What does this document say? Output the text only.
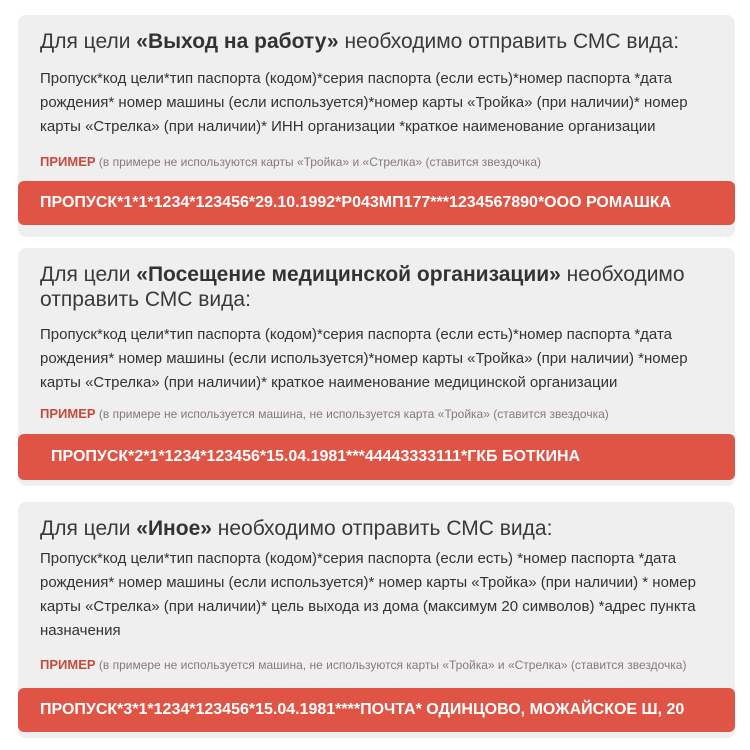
Для цели «Выход на работу» необходимо отправить СМС вида:

Пропуск*код цели*тип паспорта (кодом)*серия паспорта (если есть)*номер паспорта *дата рождения* номер машины (если используется)*номер карты «Тройка» (при наличии)* номер карты «Стрелка» (при наличии)* ИНН организации *краткое наименование организации

ПРИМЕР (в примере не используются карты «Тройка» и «Стрелка» (ставится звездочка)
ПРОПУСК*1*1*1234*123456*29.10.1992*Р043МП177***1234567890*ООО РОМАШКА
Для цели «Посещение медицинской организации» необходимо отправить СМС вида:

Пропуск*код цели*тип паспорта (кодом)*серия паспорта (если есть)*номер паспорта *дата рождения* номер машины (если используется)*номер карты «Тройка» (при наличии) *номер карты «Стрелка» (при наличии)* краткое наименование медицинской организации

ПРИМЕР (в примере не используется машина, не используется карта «Тройка» (ставится звездочка)
ПРОПУСК*2*1*1234*123456*15.04.1981***44443333111*ГКБ БОТКИНА
Для цели «Иное» необходимо отправить СМС вида:

Пропуск*код цели*тип паспорта (кодом)*серия паспорта (если есть) *номер паспорта *дата рождения* номер машины (если используется)* номер карты «Тройка» (при наличии) * номер карты «Стрелка» (при наличии)* цель выхода из дома (максимум 20 символов) *адрес пункта назначения

ПРИМЕР (в примере не используется машина, не используются карты «Тройка» и «Стрелка» (ставится звездочка)
ПРОПУСК*3*1*1234*123456*15.04.1981****ПОЧТА* ОДИНЦОВО, МОЖАЙСКОЕ Ш, 20
